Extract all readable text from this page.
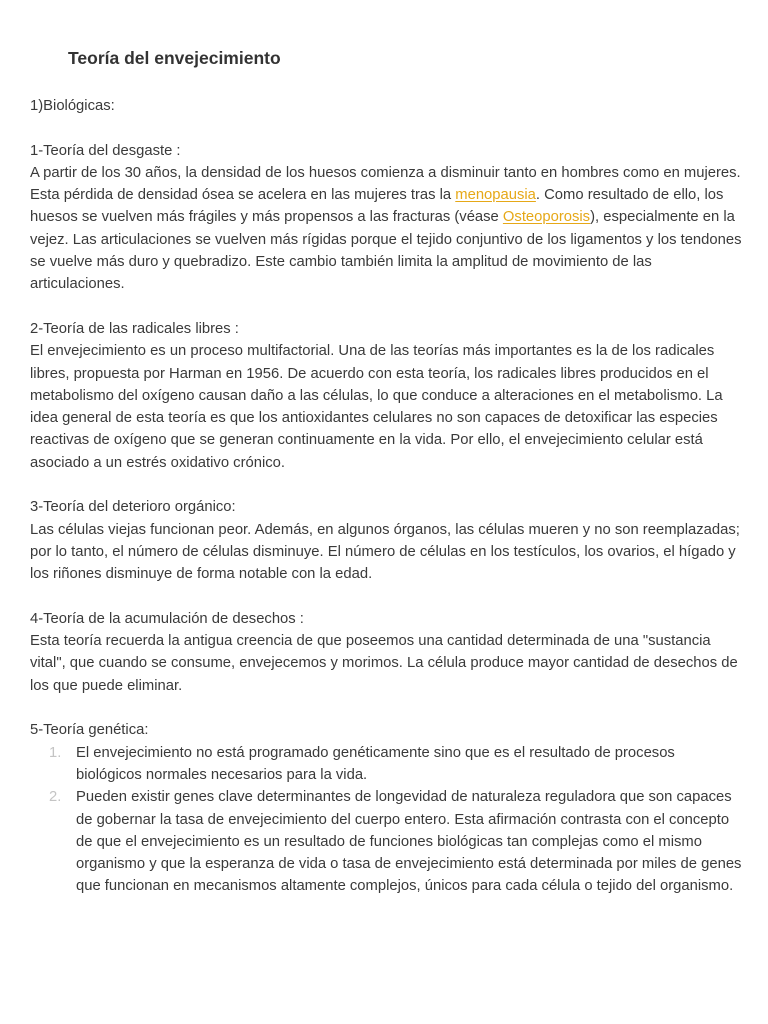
Teoría del envejecimiento

1)Biológicas:

1-Teoría del desgaste :

A partir de los 30 años, la densidad de los huesos comienza a disminuir tanto en hombres como en mujeres. Esta pérdida de densidad ósea se acelera en las mujeres tras la menopausia. Como resultado de ello, los huesos se vuelven más frágiles y más propensos a las fracturas (véase Osteoporosis), especialmente en la vejez. Las articulaciones se vuelven más rígidas porque el tejido conjuntivo de los ligamentos y los tendones se vuelve más duro y quebradizo. Este cambio también limita la amplitud de movimiento de las articulaciones.

2-Teoría de las radicales libres :

El envejecimiento es un proceso multifactorial. Una de las teorías más importantes es la de los radicales libres, propuesta por Harman en 1956. De acuerdo con esta teoría, los radicales libres producidos en el metabolismo del oxígeno causan daño a las células, lo que conduce a alteraciones en el metabolismo. La idea general de esta teoría es que los antioxidantes celulares no son capaces de detoxificar las especies reactivas de oxígeno que se generan continuamente en la vida. Por ello, el envejecimiento celular está asociado a un estrés oxidativo crónico.

3-Teoría del deterioro orgánico:

Las células viejas funcionan peor. Además, en algunos órganos, las células mueren y no son reemplazadas; por lo tanto, el número de células disminuye. El número de células en los testículos, los ovarios, el hígado y los riñones disminuye de forma notable con la edad.

4-Teoría de la acumulación de desechos :

Esta teoría recuerda la antigua creencia de que poseemos una cantidad determinada de una "sustancia vital", que cuando se consume, envejecemos y morimos. La célula produce mayor cantidad de desechos de los que puede eliminar.

5-Teoría genética:

1. El envejecimiento no está programado genéticamente sino que es el resultado de procesos biológicos normales necesarios para la vida.
2. Pueden existir genes clave determinantes de longevidad de naturaleza reguladora que son capaces de gobernar la tasa de envejecimiento del cuerpo entero. Esta afirmación contrasta con el concepto de que el envejecimiento es un resultado de funciones biológicas tan complejas como el mismo organismo y que la esperanza de vida o tasa de envejecimiento está determinada por miles de genes que funcionan en mecanismos altamente complejos, únicos para cada célula o tejido del organismo.
